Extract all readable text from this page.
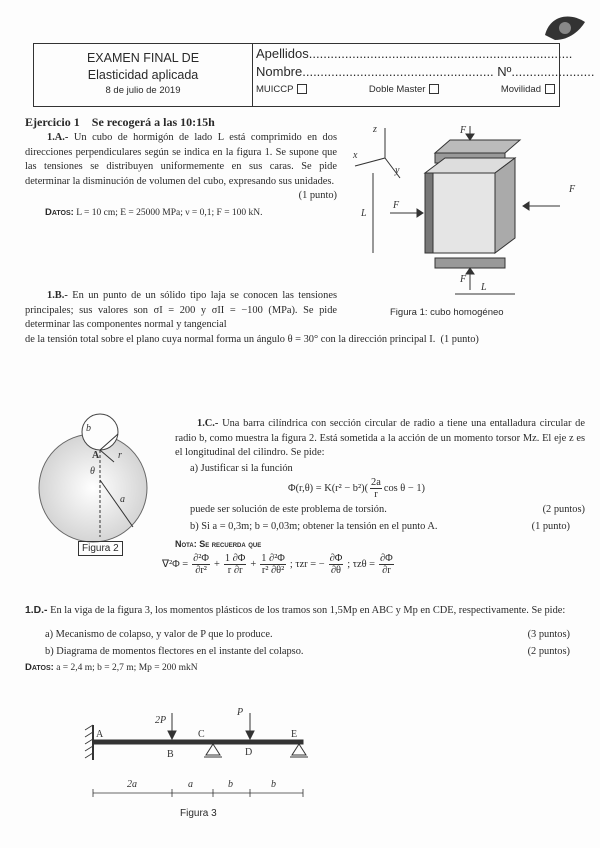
EXAMEN FINAL DE
Elasticidad aplicada
8 de julio de 2019
Apellidos.........................................................................
Nombre..................................................... Nº.......................
MUICCP	Doble Master	Movilidad
Ejercicio 1 Se recogerá a las 10:15h
1.A.- Un cubo de hormigón de lado L está comprimido en dos direcciones perpendiculares según se indica en la figura 1. Se supone que las tensiones se distribuyen uniformemente en sus caras. Se pide determinar la disminución de volumen del cubo, expresando sus unidades.
(1 punto)
Datos: L = 10 cm; E = 25000 MPa; ν = 0,1; F = 100 kN.
z
x
y
F
F
F
F
L
L
Figura 1: cubo homogéneo
1.B.- En un punto de un sólido tipo laja se conocen las tensiones principales; sus valores son σI = 200 y σII = −100 (MPa). Se pide determinar las componentes normal y tangencial
de la tensión total sobre el plano cuya normal forma un ángulo θ = 30° con la dirección principal I. (1 punto)
A
b
r
θ
a
Figura 2
1.C.- Una barra cilíndrica con sección circular de radio a tiene una entalladura circular de radio b, como muestra la figura 2. Está sometida a la acción de un momento torsor Mz. El eje z es el longitudinal del cilindro. Se pide:
a) Justificar si la función
Φ(r,θ) = K(r² − b²) ( $\frac{2a}{r}$ cos θ − 1)
puede ser solución de este problema de torsión.	(2 puntos)
b) Si a = 0,3m; b = 0,03m; obtener la tensión en el punto A.	(1 punto)
Nota: Se recuerda que
$\nabla^2\Phi = \frac{\text{∂²Φ}}{\text{∂r²}} + \frac{1 \partial\Phi}{r \partial r} + \frac{\text{1 ∂²Φ}}{\text{r² ∂θ²}}$ ; τzr = − $\frac{\partial\Phi}{\partial\theta}$ ; $\tau z\theta = \frac{\partial\Phi}{\partial r}$
1.D.- En la viga de la figura 3, los momentos plásticos de los tramos son 1,5Mp en ABC y Mp en CDE, respectivamente. Se pide:
a) Mecanismo de colapso, y valor de P que lo produce.	(3 puntos)
b) Diagrama de momentos flectores en el instante del colapso.	(2 puntos)
Datos: a = 2,4 m; b = 2,7 m; Mp = 200 mkN
2P
P
A
B
C
D
E
2a	a	b	b
Figura 3
